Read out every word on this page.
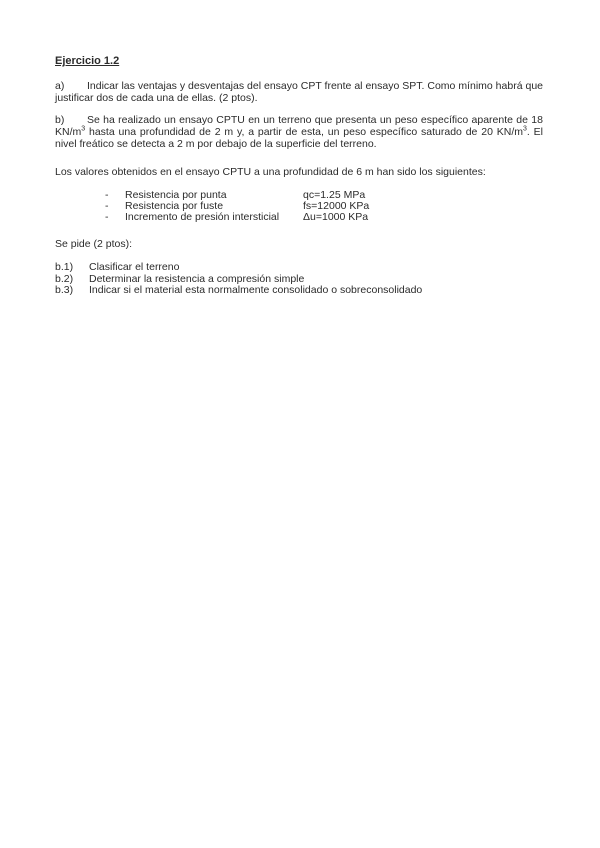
Ejercicio 1.2
a) Indicar las ventajas y desventajas del ensayo CPT frente al ensayo SPT. Como mínimo habrá que justificar dos de cada una de ellas. (2 ptos).
b) Se ha realizado un ensayo CPTU en un terreno que presenta un peso específico aparente de 18 $KN/m^3$ hasta una profundidad de 2 m y, a partir de esta, un peso específico saturado de 20 $KN/m^3$. El nivel freático se detecta a 2 m por debajo de la superficie del terreno.
Los valores obtenidos en el ensayo CPTU a una profundidad de 6 m han sido los siguientes:
- Resistencia por punta	qc=1.25 MPa
- Resistencia por fuste	fs=12000 KPa
- Incremento de presión intersticial Δu=1000 KPa
Se pide (2 ptos):
b.1) Clasificar el terreno
b.2) Determinar la resistencia a compresión simple
b.3) Indicar si el material esta normalmente consolidado o sobreconsolidado
